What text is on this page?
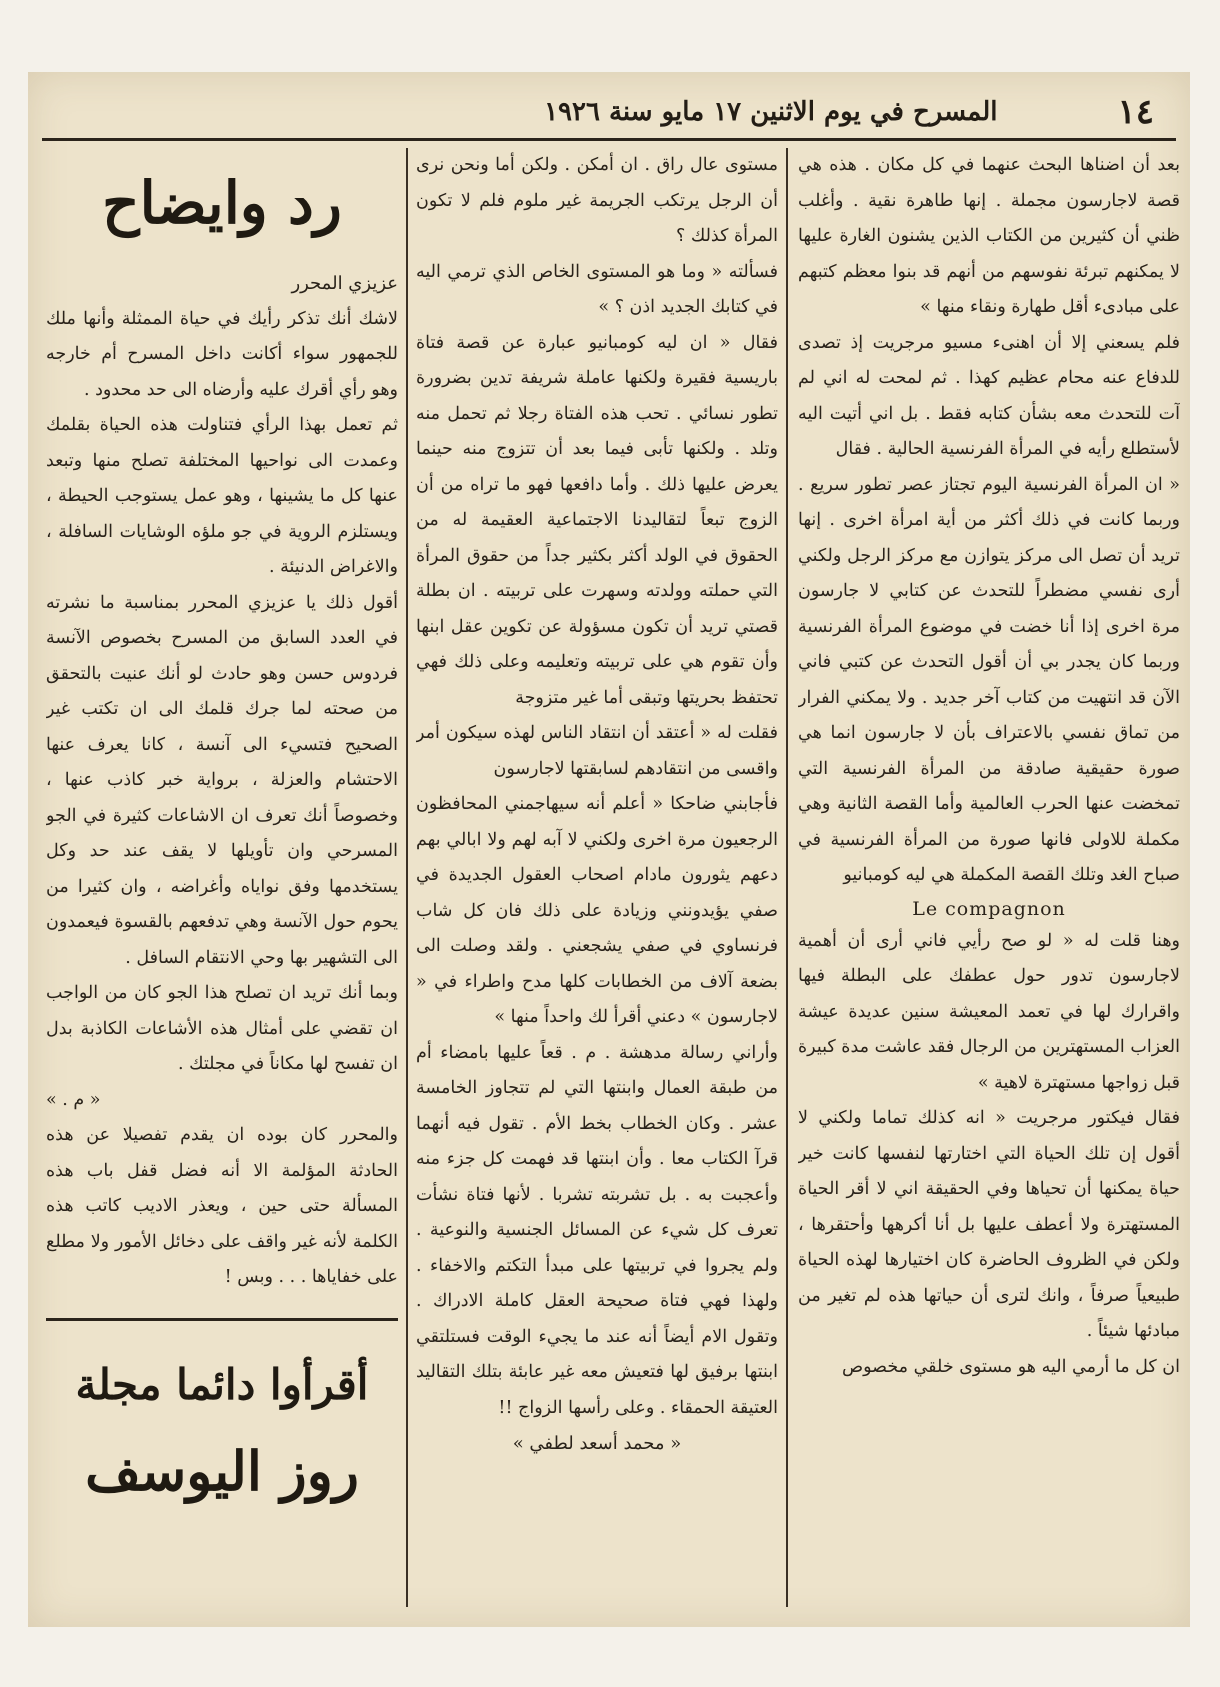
١٤
المسرح في يوم الاثنين ١٧ مايو سنة ١٩٢٦

بعد أن اضناها البحث عنهما في كل مكان . هذه هي قصة لاجارسون مجملة . إنها طاهرة نقية . وأغلب ظني أن كثيرين من الكتاب الذين يشنون الغارة عليها لا يمكنهم تبرئة نفوسهم من أنهم قد بنوا معظم كتبهم على مبادىء أقل طهارة ونقاء منها »

فلم يسعني إلا أن اهنىء مسيو مرجريت إذ تصدى للدفاع عنه محام عظيم كهذا . ثم لمحت له اني لم آت للتحدث معه بشأن كتابه فقط . بل اني أتيت اليه لأستطلع رأيه في المرأة الفرنسية الحالية . فقال

« ان المرأة الفرنسية اليوم تجتاز عصر تطور سريع . وربما كانت في ذلك أكثر من أية امرأة اخرى . إنها تريد أن تصل الى مركز يتوازن مع مركز الرجل ولكني أرى نفسي مضطراً للتحدث عن كتابي لا جارسون مرة اخرى إذا أنا خضت في موضوع المرأة الفرنسية وربما كان يجدر بي أن أقول التحدث عن كتبي فاني الآن قد انتهيت من كتاب آخر جديد . ولا يمكني الفرار من تماق نفسي بالاعتراف بأن لا جارسون انما هي صورة حقيقية صادقة من المرأة الفرنسية التي تمخضت عنها الحرب العالمية وأما القصة الثانية وهي مكملة للاولى فانها صورة من المرأة الفرنسية في صباح الغد وتلك القصة المكملة هي ليه كومبانيو

Le compagnon

وهنا قلت له « لو صح رأيي فاني أرى أن أهمية لاجارسون تدور حول عطفك على البطلة فيها واقرارك لها في تعمد المعيشة سنين عديدة عيشة العزاب المستهترين من الرجال فقد عاشت مدة كبيرة قبل زواجها مستهترة لاهية »

فقال فيكتور مرجريت « انه كذلك تماما ولكني لا أقول إن تلك الحياة التي اختارتها لنفسها كانت خير حياة يمكنها أن تحياها وفي الحقيقة اني لا أقر الحياة المستهترة ولا أعطف عليها بل أنا أكرهها وأحتقرها ، ولكن في الظروف الحاضرة كان اختيارها لهذه الحياة طبيعياً صرفاً ، وانك لترى أن حياتها هذه لم تغير من مبادئها شيئاً .

ان كل ما أرمي اليه هو مستوى خلقي مخصوص

مستوى عال راق . ان أمكن . ولكن أما ونحن نرى أن الرجل يرتكب الجريمة غير ملوم فلم لا تكون المرأة كذلك ؟

فسألته « وما هو المستوى الخاص الذي ترمي اليه في كتابك الجديد اذن ؟ »

فقال « ان ليه كومبانيو عبارة عن قصة فتاة باريسية فقيرة ولكنها عاملة شريفة تدين بضرورة تطور نسائي . تحب هذه الفتاة رجلا ثم تحمل منه وتلد . ولكنها تأبى فيما بعد أن تتزوج منه حينما يعرض عليها ذلك . وأما دافعها فهو ما تراه من أن الزوج تبعاً لتقاليدنا الاجتماعية العقيمة له من الحقوق في الولد أكثر بكثير جداً من حقوق المرأة التي حملته وولدته وسهرت على تربيته . ان بطلة قصتي تريد أن تكون مسؤولة عن تكوين عقل ابنها وأن تقوم هي على تربيته وتعليمه وعلى ذلك فهي تحتفظ بحريتها وتبقى أما غير متزوجة

فقلت له « أعتقد أن انتقاد الناس لهذه سيكون أمر واقسى من انتقادهم لسابقتها لاجارسون

فأجابني ضاحكا « أعلم أنه سيهاجمني المحافظون الرجعيون مرة اخرى ولكني لا آبه لهم ولا ابالي بهم دعهم يثورون مادام اصحاب العقول الجديدة في صفي يؤيدونني وزيادة على ذلك فان كل شاب فرنساوي في صفي يشجعني . ولقد وصلت الى بضعة آلاف من الخطابات كلها مدح واطراء في « لاجارسون » دعني أقرأ لك واحداً منها »

وأراني رسالة مدهشة . م . قعاً عليها بامضاء أم من طبقة العمال وابنتها التي لم تتجاوز الخامسة عشر . وكان الخطاب بخط الأم . تقول فيه أنهما قرآ الكتاب معا . وأن ابنتها قد فهمت كل جزء منه وأعجبت به . بل تشربته تشربا . لأنها فتاة نشأت تعرف كل شيء عن المسائل الجنسية والنوعية . ولم يجروا في تربيتها على مبدأ التكتم والاخفاء . ولهذا فهي فتاة صحيحة العقل كاملة الادراك . وتقول الام أيضاً أنه عند ما يجيء الوقت فستلتقي ابنتها برفيق لها فتعيش معه غير عابئة بتلك التقاليد العتيقة الحمقاء . وعلى رأسها الزواج !!

« محمد أسعد لطفي »

رد وايضاح

عزيزي المحرر

لاشك أنك تذكر رأيك في حياة الممثلة وأنها ملك للجمهور سواء أكانت داخل المسرح أم خارجه وهو رأي أقرك عليه وأرضاه الى حد محدود .

ثم تعمل بهذا الرأي فتناولت هذه الحياة بقلمك وعمدت الى نواحيها المختلفة تصلح منها وتبعد عنها كل ما يشينها ، وهو عمل يستوجب الحيطة ، ويستلزم الروية في جو ملؤه الوشايات السافلة ، والاغراض الدنيئة .

أقول ذلك يا عزيزي المحرر بمناسبة ما نشرته في العدد السابق من المسرح بخصوص الآنسة فردوس حسن وهو حادث لو أنك عنيت بالتحقق من صحته لما جرك قلمك الى ان تكتب غير الصحيح فتسيء الى آنسة ، كانا يعرف عنها الاحتشام والعزلة ، برواية خبر كاذب عنها ، وخصوصاً أنك تعرف ان الاشاعات كثيرة في الجو المسرحي وان تأويلها لا يقف عند حد وكل يستخدمها وفق نواياه وأغراضه ، وان كثيرا من يحوم حول الآنسة وهي تدفعهم بالقسوة فيعمدون الى التشهير بها وحي الانتقام السافل .

وبما أنك تريد ان تصلح هذا الجو كان من الواجب ان تقضي على أمثال هذه الأشاعات الكاذبة بدل ان تفسح لها مكاناً في مجلتك .

« م . »

والمحرر كان بوده ان يقدم تفصيلا عن هذه الحادثة المؤلمة الا أنه فضل قفل باب هذه المسألة حتى حين ، ويعذر الاديب كاتب هذه الكلمة لأنه غير واقف على دخائل الأمور ولا مطلع على خفاياها . . . وبس !

أقرأوا دائما مجلة
روز اليوسف
